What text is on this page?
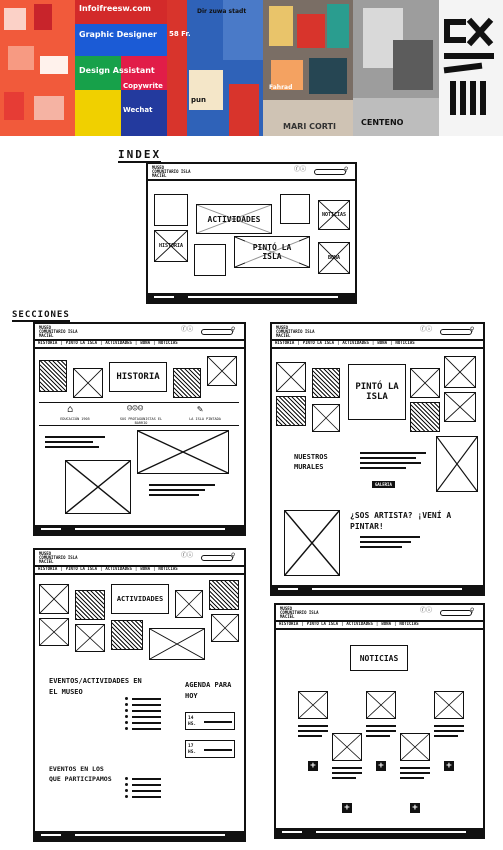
Infoifreesw.com
Graphic Designer
Design Assistant
Copywrite
Wechat
58 Fr.
Dir zuwa stadt
pun
Fahrad
MARI CORTI	CENTENO
INDEX
MUSEO COMUNITARIO ISLA MACIEL
ⓕⓘ	⚲
ACTIVIDADES	NOTICIAS
HISTORIA	PINTÓ LA ISLA	BONA
SECCIONES
MUSEO COMUNITARIO ISLA MACIEL
ⓕⓘ	⚲
HISTORIA | PINTÓ LA ISLA | ACTIVIDADES | BONA | NOTICIAS
HISTORIA
⌂
EDUCACIÓN 1905
☺☺☺
SUS PROTAGONISTAS EL BARRIO
✎
LA ISLA PINTADA
MUSEO COMUNITARIO ISLA MACIEL
ⓕⓘ	⚲
HISTORIA | PINTÓ LA ISLA | ACTIVIDADES | BONA | NOTICIAS
PINTÓ LA ISLA
NUESTROS MURALES
GALERIA
¿SOS ARTISTA? ¡VENÍ A PINTAR!
MUSEO COMUNITARIO ISLA MACIEL
ⓕⓘ	⚲
HISTORIA | PINTÓ LA ISLA | ACTIVIDADES | BONA | NOTICIAS
ACTIVIDADES
EVENTOS/ACTIVIDADES EN EL MUSEO
AGENDA PARA HOY
14 HS.
17 HS.
EVENTOS EN LOS QUE PARTICIPAMOS
MUSEO COMUNITARIO ISLA MACIEL
ⓕⓘ	⚲
HISTORIA | PINTÓ LA ISLA | ACTIVIDADES | BONA | NOTICIAS
NOTICIAS
+
+
+
+
+
